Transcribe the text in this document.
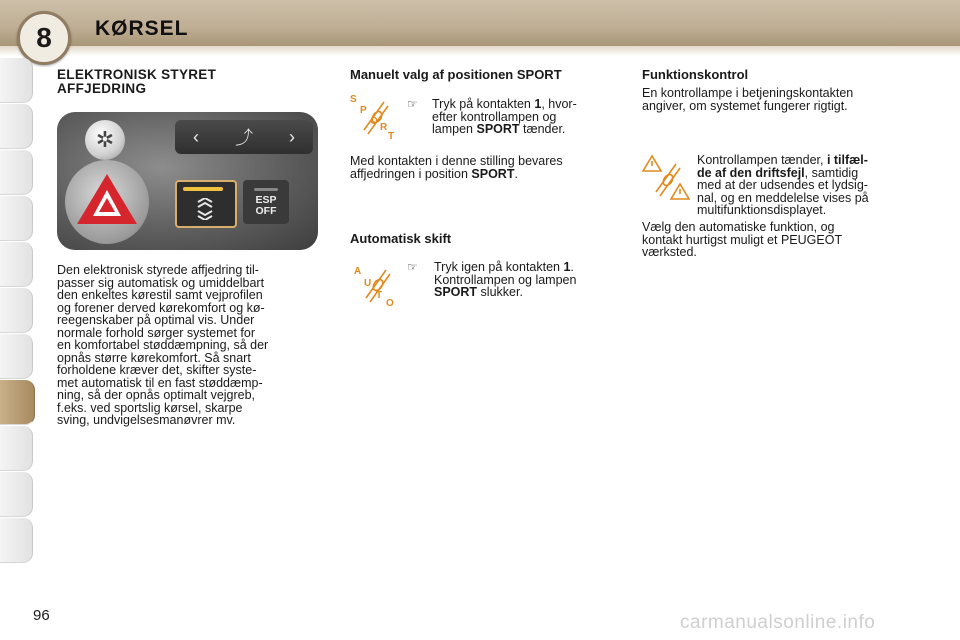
8	KØRSEL
ELEKTRONISK STYRET
AFFJEDRING
✲	‹ ⤴ ›
ESP
OFF

Den elektronisk styrede affjedring til-

passer sig automatisk og umiddelbart

den enkeltes kørestil samt vejprofilen

og forener derved kørekomfort og kø-

reegenskaber på optimal vis. Under

normale forhold sørger systemet for

en komfortabel støddæmpning, så der

opnås større kørekomfort. Så snart

forholdene kræver det, skifter syste-

met automatisk til en fast støddæmp-

ning, så der opnås optimalt vejgreb,

f.eks. ved sportslig kørsel, skarpe

sving, undvigelsesmanøvrer mv.

Manuelt valg af positionen SPORT
S
P
O
R
T
☞ Tryk på kontakten 1, hvor-

efter kontrollampen og

lampen SPORT tænder.

Med kontakten i denne stilling bevares

affjedringen i position SPORT.

Automatisk skift
A
U
T
O
☞ Tryk igen på kontakten 1.

Kontrollampen og lampen

SPORT slukker.

Funktionskontrol

En kontrollampe i betjeningskontakten

angiver, om systemet fungerer rigtigt.

Kontrollampen tænder, i tilfæl-

de af den driftsfejl, samtidig

med at der udsendes et lydsig-

nal, og en meddelelse vises på

multifunktionsdisplayet.

Vælg den automatiske funktion, og

kontakt hurtigst muligt et PEUGEOT

værksted.

96	carmanualsonline.info
